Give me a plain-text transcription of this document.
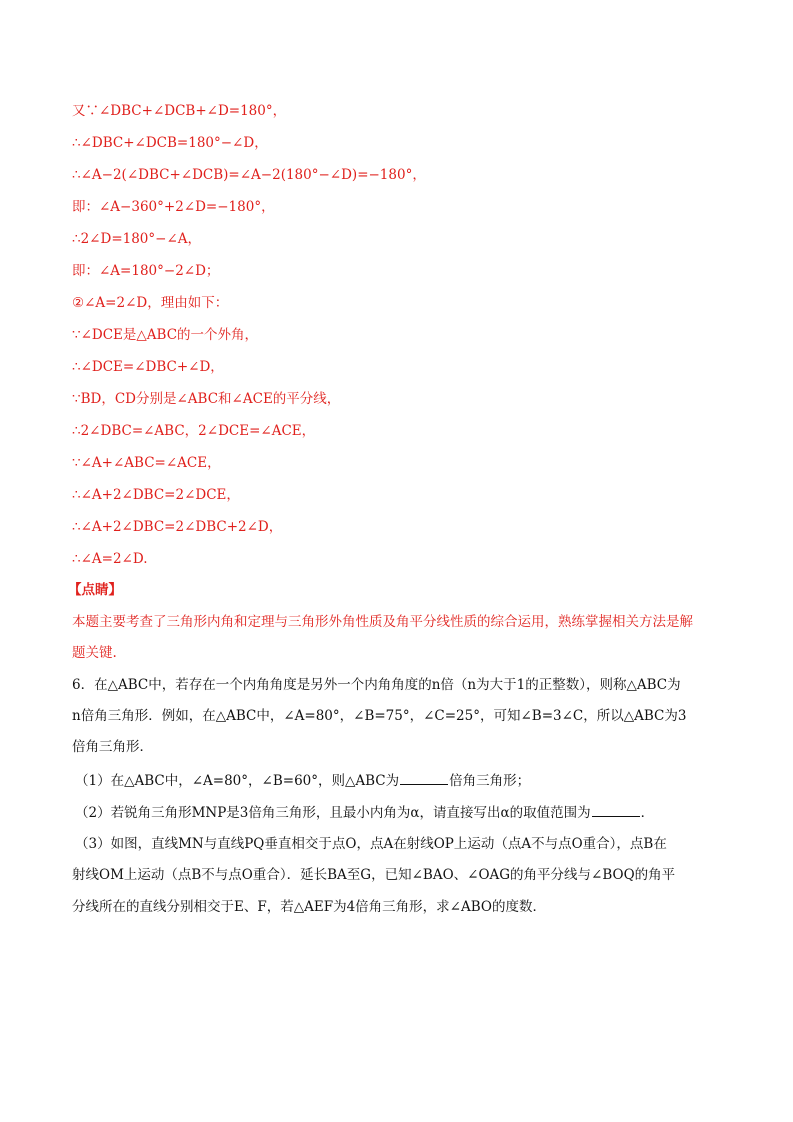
又∵∠DBC+∠DCB+∠D=180°，
∴∠DBC+∠DCB=180°−∠D，
∴∠A−2(∠DBC+∠DCB)=∠A−2(180°−∠D)=−180°，
即：∠A−360°+2∠D=−180°，
∴2∠D=180°−∠A，
即：∠A=180°−2∠D；
②∠A=2∠D，理由如下：
∵∠DCE是△ABC的一个外角，
∴∠DCE=∠DBC+∠D，
∵BD，CD分别是∠ABC和∠ACE的平分线，
∴2∠DBC=∠ABC，2∠DCE=∠ACE，
∵∠A+∠ABC=∠ACE，
∴∠A+2∠DBC=2∠DCE，
∴∠A+2∠DBC=2∠DBC+2∠D，
∴∠A=2∠D.
【点睛】
本题主要考查了三角形内角和定理与三角形外角性质及角平分线性质的综合运用，熟练掌握相关方法是解
题关键.
6．在△ABC中，若存在一个内角角度是另外一个内角角度的n倍（n为大于1的正整数），则称△ABC为
n倍角三角形．例如，在△ABC中，∠A=80°，∠B=75°，∠C=25°，可知∠B=3∠C，所以△ABC为3
倍角三角形．
（1）在△ABC中，∠A=80°，∠B=60°，则△ABC为	倍角三角形；
（2）若锐角三角形MNP是3倍角三角形，且最小内角为α，请直接写出α的取值范围为	．
（3）如图，直线MN与直线PQ垂直相交于点O，点A在射线OP上运动（点A不与点O重合），点B在
射线OM上运动（点B不与点O重合）．延长BA至G，已知∠BAO、∠OAG的角平分线与∠BOQ的角平
分线所在的直线分别相交于E、F，若△AEF为4倍角三角形，求∠ABO的度数．
